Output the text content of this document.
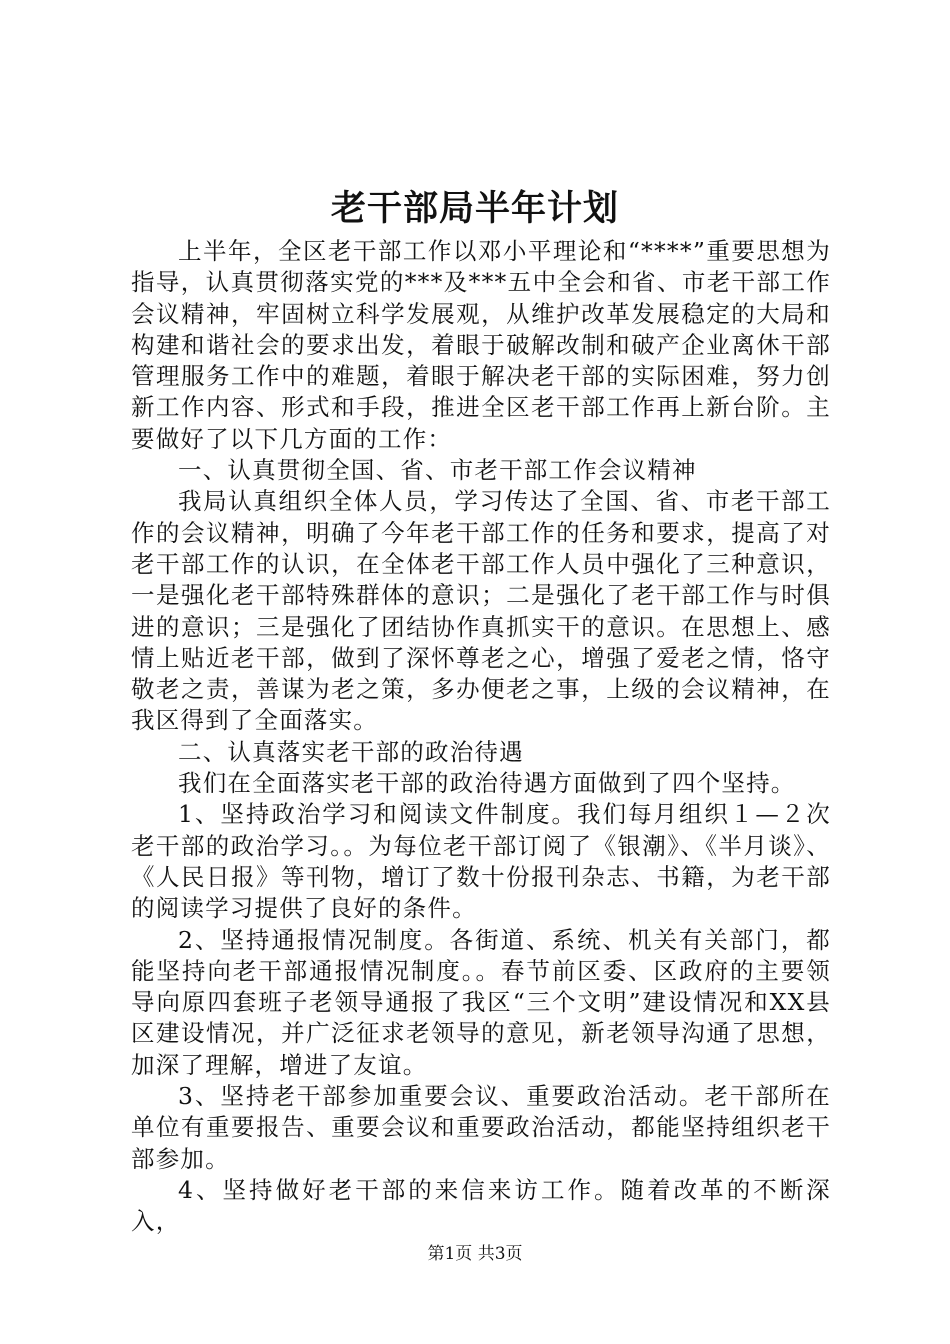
老干部局半年计划

上半年，全区老干部工作以邓小平理论和“****”重要思想为指导，认真贯彻落实党的***及***五中全会和省、市老干部工作会议精神，牢固树立科学发展观，从维护改革发展稳定的大局和构建和谐社会的要求出发，着眼于破解改制和破产企业离休干部管理服务工作中的难题，着眼于解决老干部的实际困难，努力创新工作内容、形式和手段，推进全区老干部工作再上新台阶。主要做好了以下几方面的工作：

一、认真贯彻全国、省、市老干部工作会议精神

我局认真组织全体人员，学习传达了全国、省、市老干部工作的会议精神，明确了今年老干部工作的任务和要求，提高了对老干部工作的认识，在全体老干部工作人员中强化了三种意识，一是强化老干部特殊群体的意识；二是强化了老干部工作与时俱进的意识；三是强化了团结协作真抓实干的意识。在思想上、感情上贴近老干部，做到了深怀尊老之心，增强了爱老之情，恪守敬老之责，善谋为老之策，多办便老之事，上级的会议精神，在我区得到了全面落实。

二、认真落实老干部的政治待遇

我们在全面落实老干部的政治待遇方面做到了四个坚持。

1、坚持政治学习和阅读文件制度。我们每月组织１—２次老干部的政治学习。。为每位老干部订阅了《银潮》、《半月谈》、《人民日报》等刊物，增订了数十份报刊杂志、书籍，为老干部的阅读学习提供了良好的条件。

2、坚持通报情况制度。各街道、系统、机关有关部门，都能坚持向老干部通报情况制度。。春节前区委、区政府的主要领导向原四套班子老领导通报了我区“三个文明”建设情况和XX县区建设情况，并广泛征求老领导的意见，新老领导沟通了思想，加深了理解，增进了友谊。

3、坚持老干部参加重要会议、重要政治活动。老干部所在单位有重要报告、重要会议和重要政治活动，都能坚持组织老干部参加。

4、坚持做好老干部的来信来访工作。随着改革的不断深入，

第1页 共3页
